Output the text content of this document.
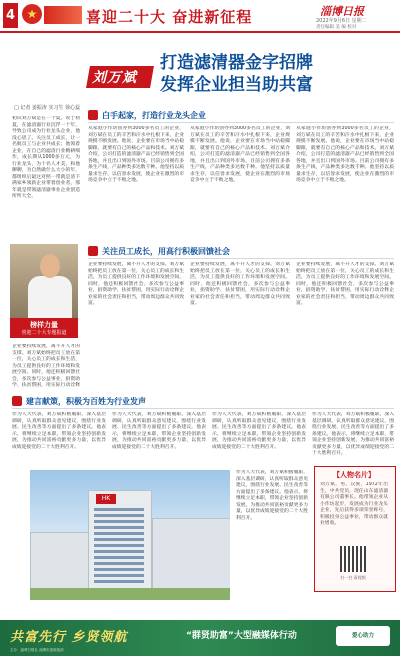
4 ★	喜迎二十大 奋进新征程	淄博日报
2022年9月6日 星期二
责任编辑 美 编 校对
刘万斌
打造滤清器金字招牌
发挥企业担当助共富
□ 记者 姜振涛 实习生 徐心蕊
初识刘万斌是在一个夏，说于初夏，在滤清器行业沉浮一十年，导致公司成为行业龙头企业，他没心思了。关注员工成长，让一名航员工与企业共成长；他领着企业，在自己的滤清行业精耕细作，成长期从1000多万元，为行业龙头，为十名人才美，和他聊聊，为自然做什么大小的年，都组织后最这对照一带就是清下满家乡领新企业带着创业者，那年就是带领滤清器事业企业创造所所大全。
白手起家，打造行业龙头企业
从家庭小作坊创办到3000多名员工的企业，刘万斌在员工的辛苦和汗水中扎根下来，企业规模不断发展。他说，企业要在市场当中站稳脚跟，就要有自己的核心产品和技术。刘万斌介绍，公司打造的滤清器产品已经销售到全国各地，并且出口到国外市场。目前公司拥有多条生产线，产品种类多达数千种。他坚持以质量求生存，以信誉求发展，使企业在激烈的市场竞争中立于不败之地。
从家庭小作坊创办到3000多名员工的企业，刘万斌在员工的辛苦和汗水中扎根下来，企业规模不断发展。他说，企业要在市场当中站稳脚跟，就要有自己的核心产品和技术。刘万斌介绍，公司打造的滤清器产品已经销售到全国各地，并且出口到国外市场。目前公司拥有多条生产线，产品种类多达数千种。他坚持以质量求生存，以信誉求发展，使企业在激烈的市场竞争中立于不败之地。
从家庭小作坊创办到3000多名员工的企业，刘万斌在员工的辛苦和汗水中扎根下来，企业规模不断发展。他说，企业要在市场当中站稳脚跟，就要有自己的核心产品和技术。刘万斌介绍，公司打造的滤清器产品已经销售到全国各地，并且出口到国外市场。目前公司拥有多条生产线，产品种类多达数千种。他坚持以质量求生存，以信誉求发展，使企业在激烈的市场竞争中立于不败之地。
榜样力量
喜迎二十大专题报道
关注员工成长，用高行积极回馈社会
企业要持续发展，离不开人才的支撑。刘万斌始终把员工放在第一位，关心员工的成长和生活，为员工提供良好的工作环境和发展空间。同时，他还积极回馈社会，多次参与公益事业，捐资助学、扶贫帮困，用实际行动诠释企业家的社会责任和担当，带动周边群众共同致富。
企业要持续发展，离不开人才的支撑。刘万斌始终把员工放在第一位，关心员工的成长和生活，为员工提供良好的工作环境和发展空间。同时，他还积极回馈社会，多次参与公益事业，捐资助学、扶贫帮困，用实际行动诠释企业家的社会责任和担当，带动周边群众共同致富。
企业要持续发展，离不开人才的支撑。刘万斌始终把员工放在第一位，关心员工的成长和生活，为员工提供良好的工作环境和发展空间。同时，他还积极回馈社会，多次参与公益事业，捐资助学、扶贫帮困，用实际行动诠释企业家的社会责任和担当，带动周边群众共同致富。
企业要持续发展，离不开人才的支撑。刘万斌始终把员工放在第一位，关心员工的成长和生活，为员工提供良好的工作环境和发展空间。同时，他还积极回馈社会，多次参与公益事业，捐资助学、扶贫帮困，用实际行动诠释
建言献策，积极为百姓为行业发声
作为人大代表，刘万斌积极履职，深入基层调研，认真听取群众意见建议，围绕行业发展、民生改善等方面提出了多条建议。他表示，将继续立足本职，带领企业坚持创新发展，为推动共同富裕贡献更多力量，以优异成绩迎接党的二十大胜利召开。
作为人大代表，刘万斌积极履职，深入基层调研，认真听取群众意见建议，围绕行业发展、民生改善等方面提出了多条建议。他表示，将继续立足本职，带领企业坚持创新发展，为推动共同富裕贡献更多力量，以优异成绩迎接党的二十大胜利召开。
作为人大代表，刘万斌积极履职，深入基层调研，认真听取群众意见建议，围绕行业发展、民生改善等方面提出了多条建议。他表示，将继续立足本职，带领企业坚持创新发展，为推动共同富裕贡献更多力量，以优异成绩迎接党的二十大胜利召开。
作为人大代表，刘万斌积极履职，深入基层调研，认真听取群众意见建议，围绕行业发展、民生改善等方面提出了多条建议。他表示，将继续立足本职，带领企业坚持创新发展，为推动共同富裕贡献更多力量，以优异成绩迎接党的二十大胜利召开。
作为人大代表，刘万斌积极履职，深入基层调研，认真听取群众意见建议，围绕行业发展、民生改善等方面提出了多条建议。他表示，将继续立足本职，带领企业坚持创新发展，为推动共同富裕贡献更多力量，以优异成绩迎接党的二十大胜利召开。
HK
【人物名片】
刘万斌，男，汉族，1972年出生，中共党员，现任山东滤清器有限公司董事长。他带领企业从小作坊起步，发展成为行业龙头企业，先后获得多项荣誉称号，积极投身公益事业，带动群众就业增收。
扫一扫 看视频
共富先行 乡贤领航	“群贤助富”大型融媒体行动	爱心助力
主办：淄博日报社 淄博市委统战部
